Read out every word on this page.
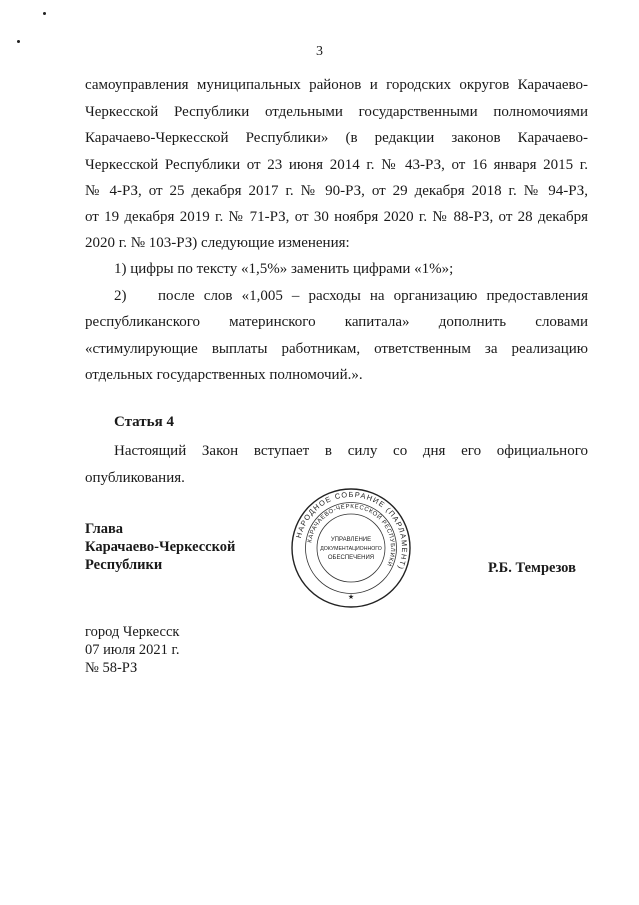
3
самоуправления муниципальных районов и городских округов Карачаево-
Черкесской Республики отдельными государственными полномочиями
Карачаево-Черкесской Республики» (в редакции законов Карачаево-
Черкесской Республики от 23 июня 2014 г. № 43-РЗ, от 16 января 2015 г.
№ 4-РЗ, от 25 декабря 2017 г. № 90-РЗ, от 29 декабря 2018 г. № 94-РЗ,
от 19 декабря 2019 г. № 71-РЗ, от 30 ноября 2020 г. № 88-РЗ, от 28 декабря
2020 г. № 103-РЗ) следующие изменения:
1) цифры по тексту «1,5%» заменить цифрами «1%»;
2)	после слов «1,005 – расходы на организацию предоставления
республиканского материнского капитала» дополнить словами
«стимулирующие выплаты работникам, ответственным за реализацию
отдельных государственных полномочий.».
Статья 4
Настоящий Закон вступает в силу со дня его официального
опубликования.
Глава
Карачаево-Черкесской
Республики	Р.Б. Темрезов
НАРОДНОЕ СОБРАНИЕ (ПАРЛАМЕНТ)
КАРАЧАЕВО-ЧЕРКЕССКОЙ РЕСПУБЛИКИ
УПРАВЛЕНИЕ
ДОКУМЕНТАЦИОННОГО
ОБЕСПЕЧЕНИЯ
★
город Черкесск
07 июля 2021 г.
№ 58-РЗ
